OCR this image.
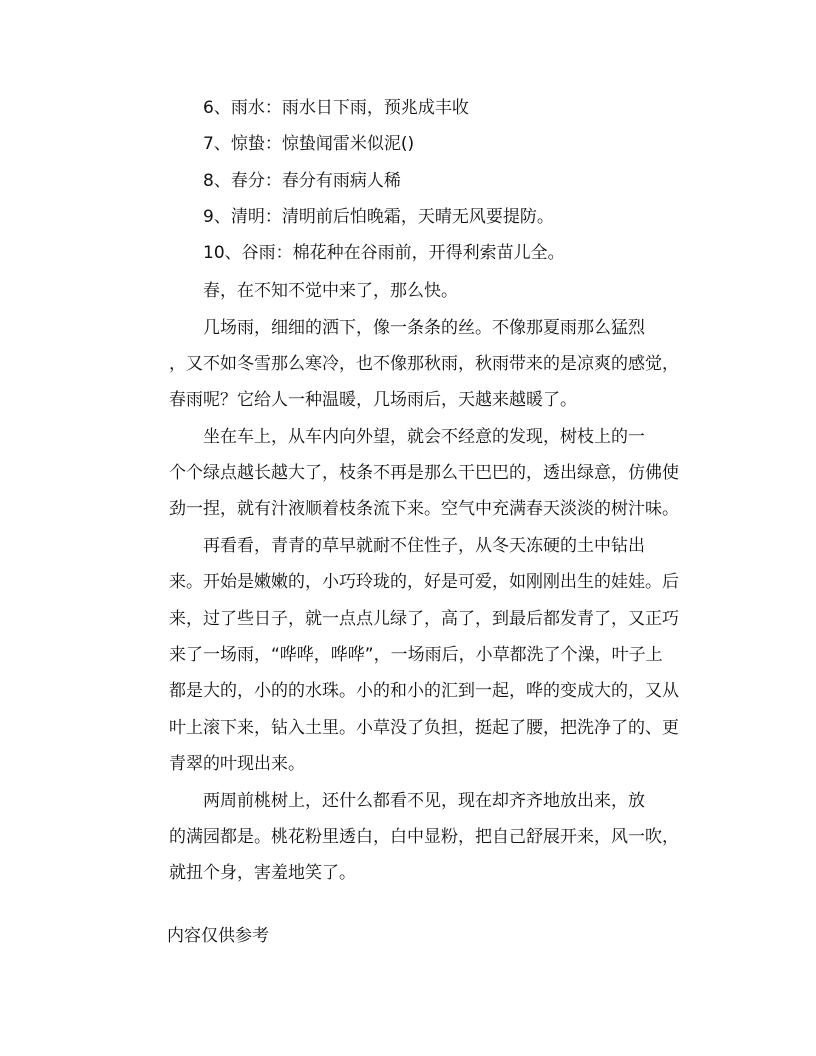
6、雨水：雨水日下雨，预兆成丰收
7、惊蛰：惊蛰闻雷米似泥()
8、春分：春分有雨病人稀
9、清明：清明前后怕晚霜，天晴无风要提防。
10、谷雨：棉花种在谷雨前，开得利索苗儿全。
春，在不知不觉中来了，那么快。
几场雨，细细的洒下，像一条条的丝。不像那夏雨那么猛烈
，又不如冬雪那么寒冷，也不像那秋雨，秋雨带来的是凉爽的感觉，
春雨呢？它给人一种温暖，几场雨后，天越来越暖了。
坐在车上，从车内向外望，就会不经意的发现，树枝上的一
个个绿点越长越大了，枝条不再是那么干巴巴的，透出绿意，仿佛使
劲一捏，就有汁液顺着枝条流下来。空气中充满春天淡淡的树汁味。
再看看，青青的草早就耐不住性子，从冬天冻硬的土中钻出
来。开始是嫩嫩的，小巧玲珑的，好是可爱，如刚刚出生的娃娃。后
来，过了些日子，就一点点儿绿了，高了，到最后都发青了，又正巧
来了一场雨，“哗哗，哗哗”，一场雨后，小草都洗了个澡，叶子上
都是大的，小的的水珠。小的和小的汇到一起，哗的变成大的，又从
叶上滚下来，钻入土里。小草没了负担，挺起了腰，把洗净了的、更
青翠的叶现出来。
两周前桃树上，还什么都看不见，现在却齐齐地放出来，放
的满园都是。桃花粉里透白，白中显粉，把自己舒展开来，风一吹，
就扭个身，害羞地笑了。
内容仅供参考
